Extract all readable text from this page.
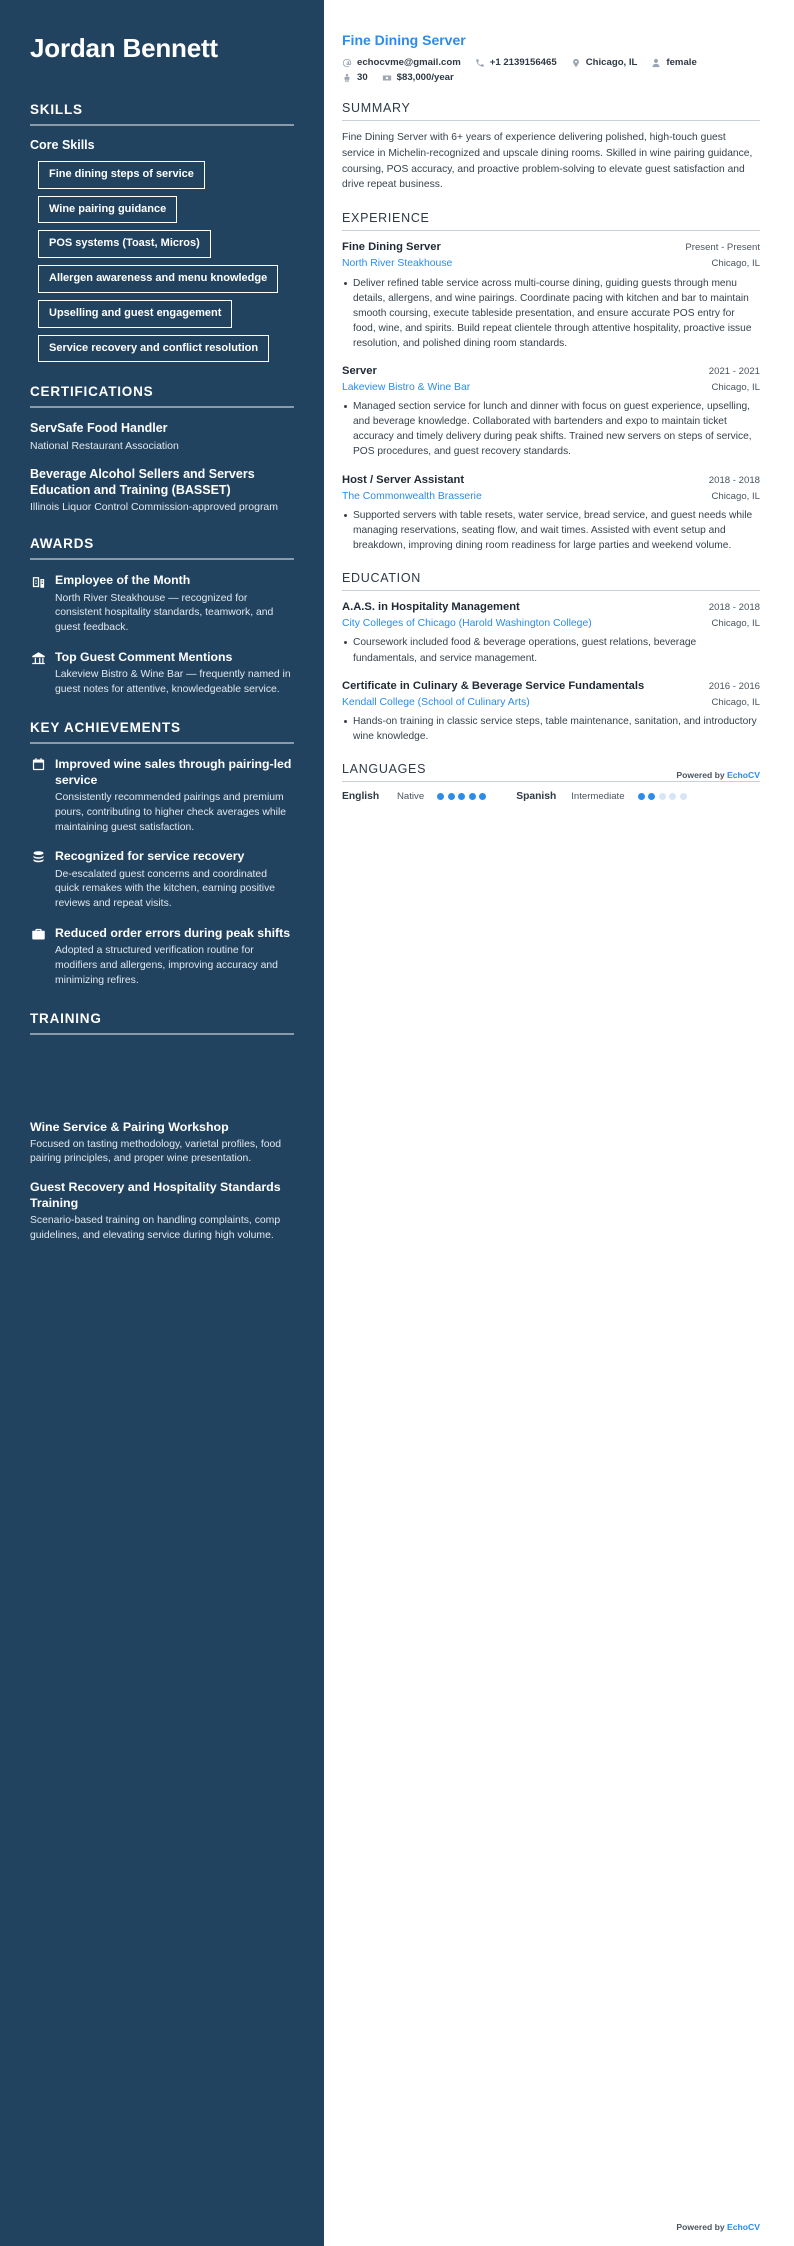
Jordan Bennett
SKILLS
Core Skills
Fine dining steps of service
Wine pairing guidance
POS systems (Toast, Micros)
Allergen awareness and menu knowledge
Upselling and guest engagement
Service recovery and conflict resolution
CERTIFICATIONS
ServSafe Food Handler
National Restaurant Association
Beverage Alcohol Sellers and Servers Education and Training (BASSET)
Illinois Liquor Control Commission-approved program
AWARDS
Employee of the Month
North River Steakhouse — recognized for consistent hospitality standards, teamwork, and guest feedback.
Top Guest Comment Mentions
Lakeview Bistro & Wine Bar — frequently named in guest notes for attentive, knowledgeable service.
KEY ACHIEVEMENTS
Improved wine sales through pairing-led service
Consistently recommended pairings and premium pours, contributing to higher check averages while maintaining guest satisfaction.
Recognized for service recovery
De-escalated guest concerns and coordinated quick remakes with the kitchen, earning positive reviews and repeat visits.
Reduced order errors during peak shifts
Adopted a structured verification routine for modifiers and allergens, improving accuracy and minimizing refires.
TRAINING
Wine Service & Pairing Workshop
Focused on tasting methodology, varietal profiles, food pairing principles, and proper wine presentation.
Guest Recovery and Hospitality Standards Training
Scenario-based training on handling complaints, comp guidelines, and elevating service during high volume.
Fine Dining Server
echocvme@gmail.com	+1 2139156465	Chicago, IL	female
30	$83,000/year
SUMMARY

Fine Dining Server with 6+ years of experience delivering polished, high-touch guest service in Michelin-recognized and upscale dining rooms. Skilled in wine pairing guidance, coursing, POS accuracy, and proactive problem-solving to elevate guest satisfaction and drive repeat business.

EXPERIENCE
Fine Dining Server	Present - Present
North River Steakhouse	Chicago, IL
Deliver refined table service across multi-course dining, guiding guests through menu details, allergens, and wine pairings. Coordinate pacing with kitchen and bar to maintain smooth coursing, execute tableside presentation, and ensure accurate POS entry for food, wine, and spirits. Build repeat clientele through attentive hospitality, proactive issue resolution, and polished dining room standards.
Server	2021 - 2021
Lakeview Bistro & Wine Bar	Chicago, IL
Managed section service for lunch and dinner with focus on guest experience, upselling, and beverage knowledge. Collaborated with bartenders and expo to maintain ticket accuracy and timely delivery during peak shifts. Trained new servers on steps of service, POS procedures, and guest recovery standards.
Host / Server Assistant	2018 - 2018
The Commonwealth Brasserie	Chicago, IL
Supported servers with table resets, water service, bread service, and guest needs while managing reservations, seating flow, and wait times. Assisted with event setup and breakdown, improving dining room readiness for large parties and weekend volume.
EDUCATION
A.A.S. in Hospitality Management	2018 - 2018
City Colleges of Chicago (Harold Washington College)	Chicago, IL
Coursework included food & beverage operations, guest relations, beverage fundamentals, and service management.
Certificate in Culinary & Beverage Service Fundamentals	2016 - 2016
Kendall College (School of Culinary Arts)	Chicago, IL
Hands-on training in classic service steps, table maintenance, sanitation, and introductory wine knowledge.
LANGUAGES
English	Native	Spanish	Intermediate
Powered by EchoCV
Powered by EchoCV
